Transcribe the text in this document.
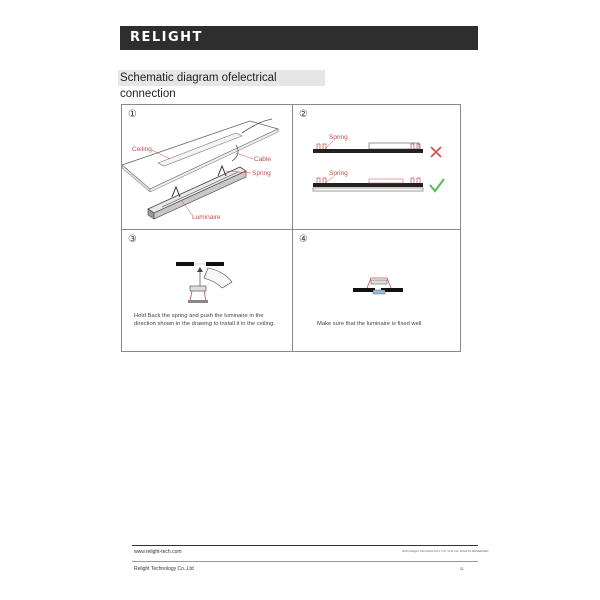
RELIGHT
Schematic diagram ofelectrical connection
①
Ceiling
Cable
Spring
Luminaire
②
Spring
Spring
③
Hold Back the spring and push the luminaire in the direction shown in the drawing to install it in the ceiling.
④
Make sure that the luminaire is fixed well
www.relight-tech.com	2023 Relight TECHNOLOGY CO.,LTD ALL RIGHTS RESERVED
Relight Technology Co.,Ltd	11
